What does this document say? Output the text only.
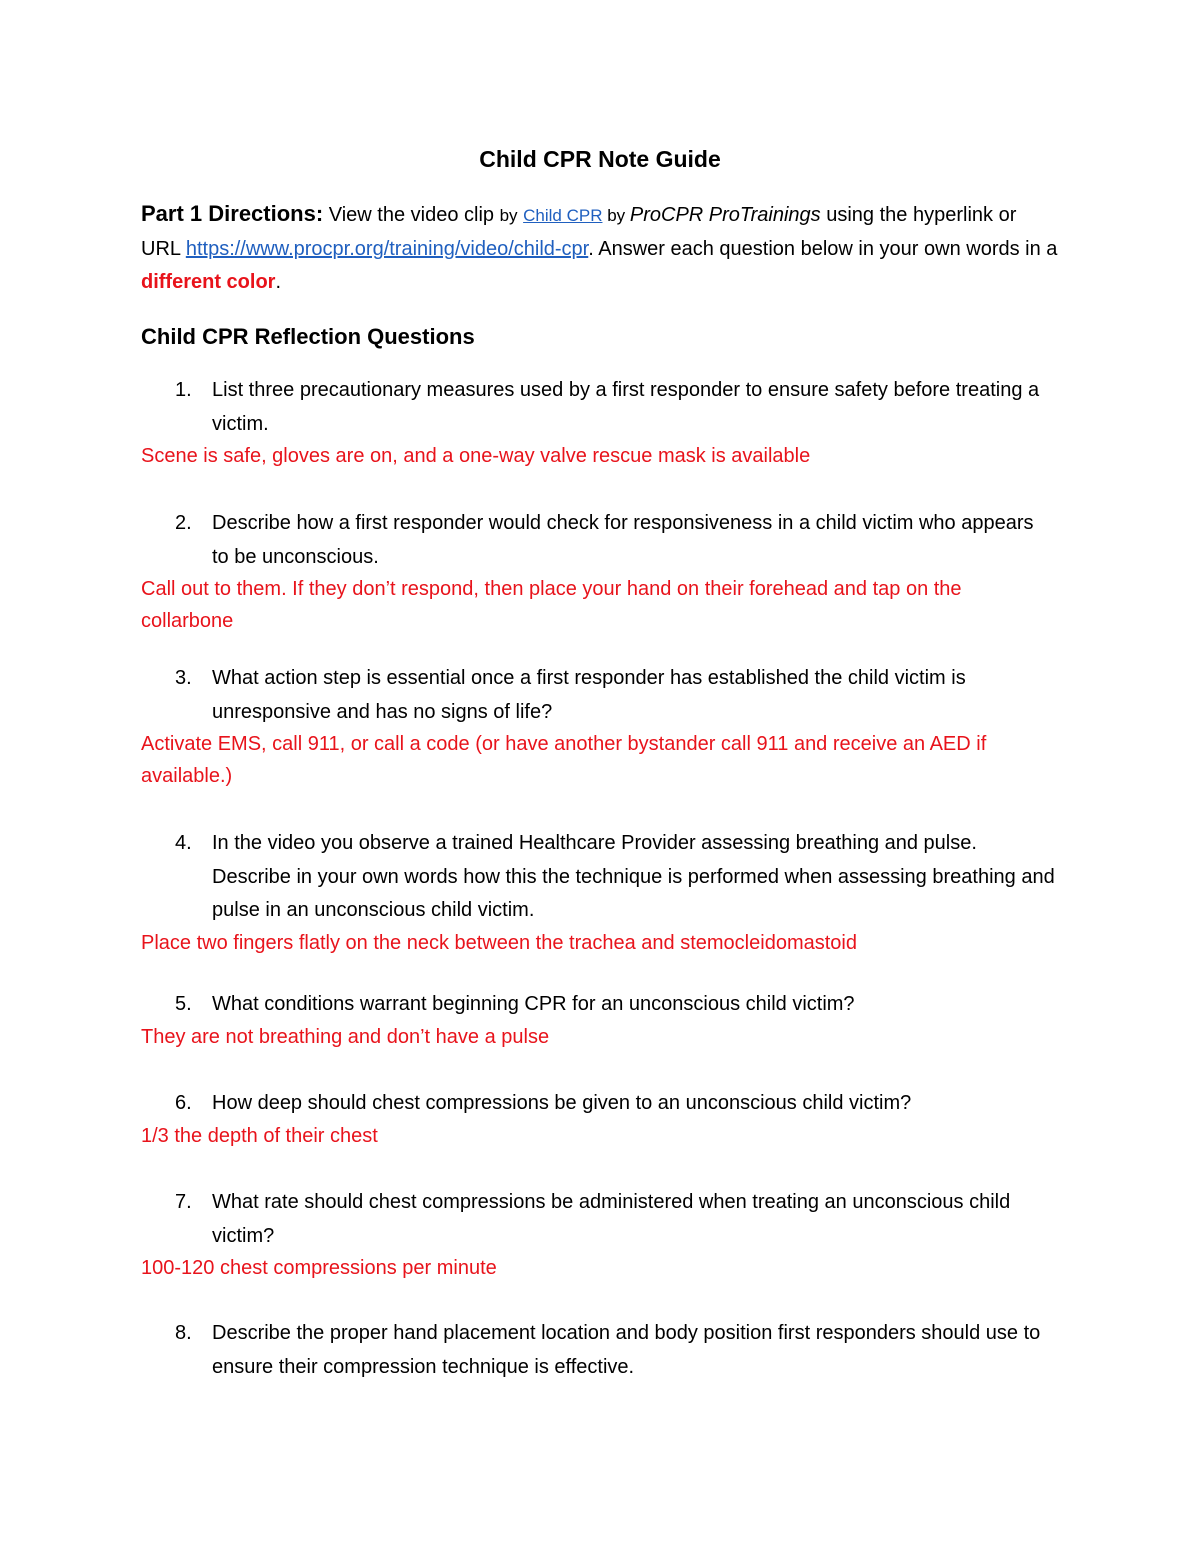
Child CPR Note Guide
Part 1 Directions: View the video clip by Child CPR by ProCPR ProTrainings using the hyperlink or URL https://www.procpr.org/training/video/child-cpr. Answer each question below in your own words in a different color.
Child CPR Reflection Questions
1.	List three precautionary measures used by a first responder to ensure safety before treating a victim.
Scene is safe, gloves are on, and a one-way valve rescue mask is available
2.	Describe how a first responder would check for responsiveness in a child victim who appears to be unconscious.
Call out to them. If they don’t respond, then place your hand on their forehead and tap on the collarbone
3.	What action step is essential once a first responder has established the child victim is unresponsive and has no signs of life?
Activate EMS, call 911, or call a code (or have another bystander call 911 and receive an AED if available.)
4.	In the video you observe a trained Healthcare Provider assessing breathing and pulse. Describe in your own words how this the technique is performed when assessing breathing and pulse in an unconscious child victim.
Place two fingers flatly on the neck between the trachea and stemocleidomastoid
5.	What conditions warrant beginning CPR for an unconscious child victim?
They are not breathing and don’t have a pulse
6.	How deep should chest compressions be given to an unconscious child victim?
1/3 the depth of their chest
7.	What rate should chest compressions be administered when treating an unconscious child victim?
100-120 chest compressions per minute
8.	Describe the proper hand placement location and body position first responders should use to ensure their compression technique is effective.
